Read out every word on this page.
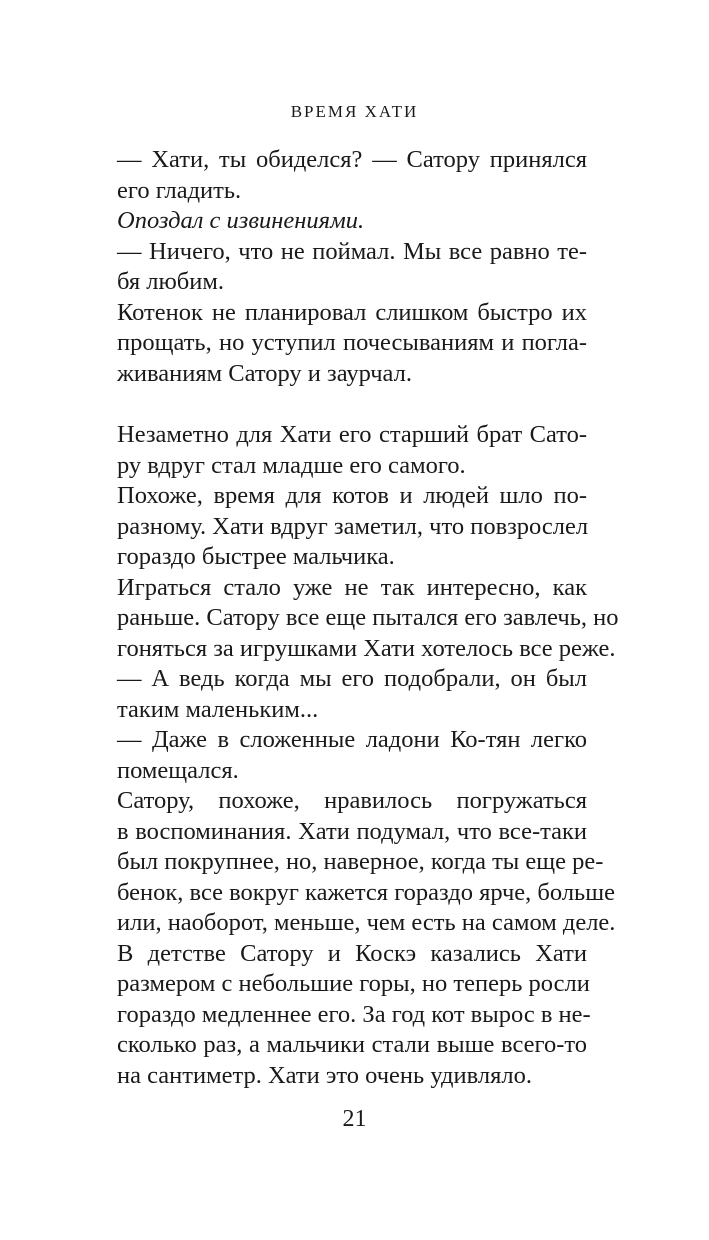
ВРЕМЯ ХАТИ
— Хати, ты обиделся? — Сатору принялся
его гладить.
Опоздал с извинениями.
— Ничего, что не поймал. Мы все равно те-
бя любим.
Котенок не планировал слишком быстро их
прощать, но уступил почесываниям и погла-
живаниям Сатору и заурчал.
Незаметно для Хати его старший брат Сато-
ру вдруг стал младше его самого.
Похоже, время для котов и людей шло по-
разному. Хати вдруг заметил, что повзрослел
гораздо быстрее мальчика.
Играться стало уже не так интересно, как
раньше. Сатору все еще пытался его завлечь, но
гоняться за игрушками Хати хотелось все реже.
— А ведь когда мы его подобрали, он был
таким маленьким...
— Даже в сложенные ладони Ко-тян легко
помещался.
Сатору, похоже, нравилось погружаться
в воспоминания. Хати подумал, что все-таки
был покрупнее, но, наверное, когда ты еще ре-
бенок, все вокруг кажется гораздо ярче, больше
или, наоборот, меньше, чем есть на самом деле.
В детстве Сатору и Коскэ казались Хати
размером с небольшие горы, но теперь росли
гораздо медленнее его. За год кот вырос в не-
сколько раз, а мальчики стали выше всего-то
на сантиметр. Хати это очень удивляло.
21
